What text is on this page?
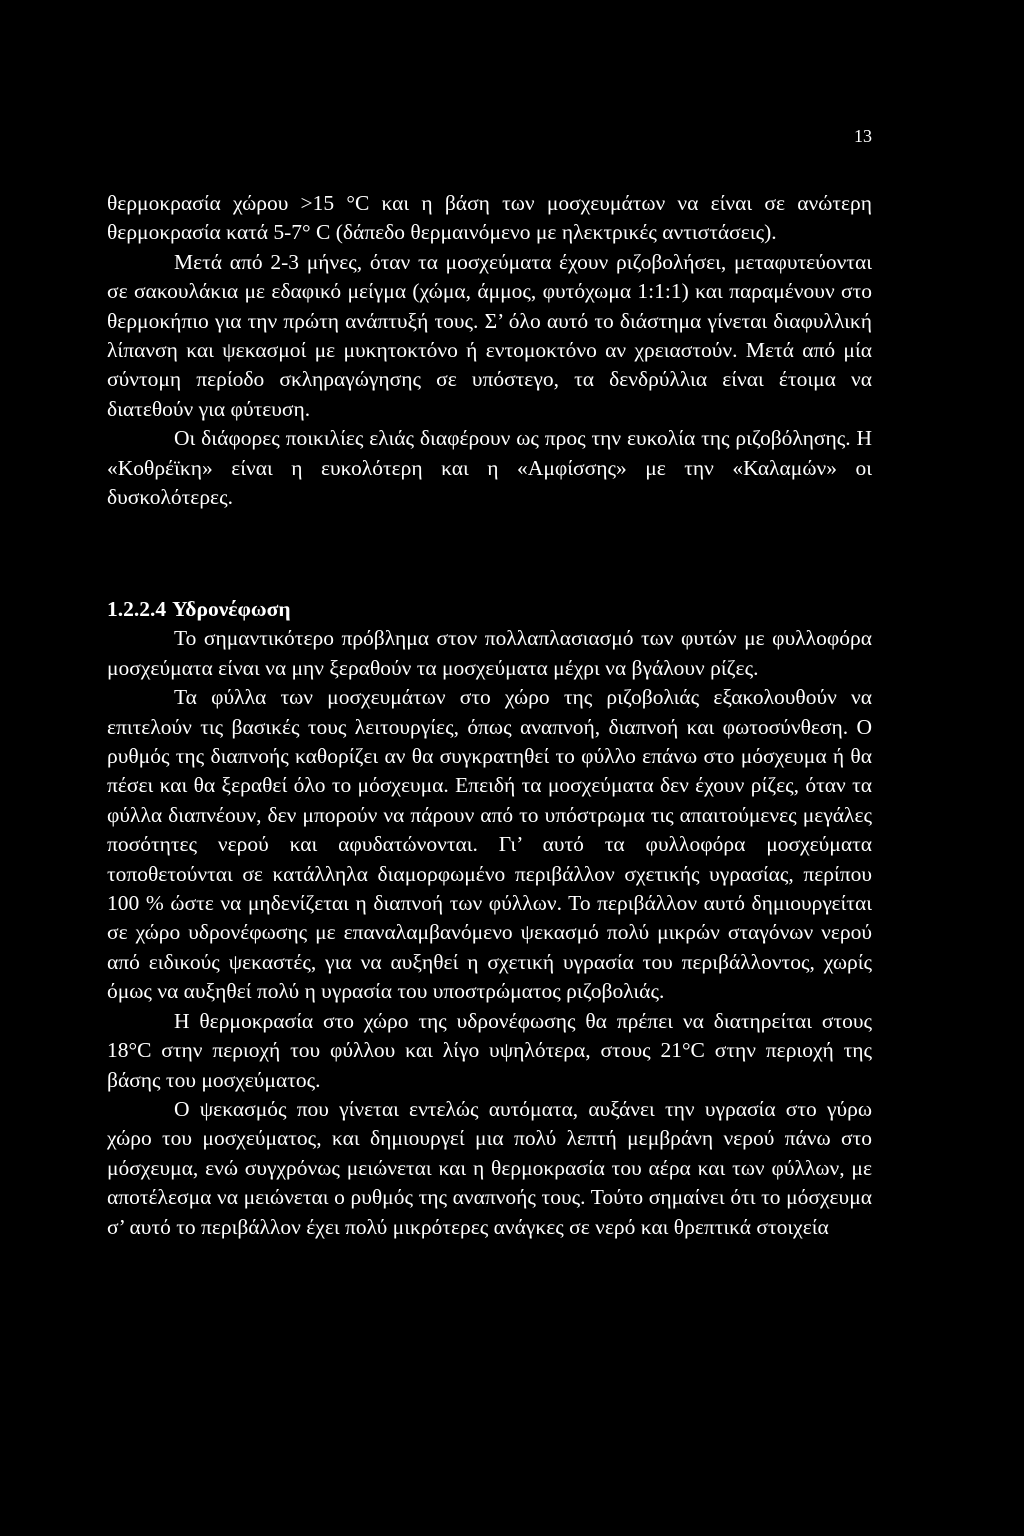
13

θερμοκρασία χώρου >15 °C και η βάση των μοσχευμάτων να είναι σε ανώτερη θερμοκρασία κατά 5-7° C (δάπεδο θερμαινόμενο με ηλεκτρικές αντιστάσεις).

Μετά από 2-3 μήνες, όταν τα μοσχεύματα έχουν ριζοβολήσει, μεταφυτεύονται σε σακουλάκια με εδαφικό μείγμα (χώμα, άμμος, φυτόχωμα 1:1:1) και παραμένουν στο θερμοκήπιο για την πρώτη ανάπτυξή τους. Σ’ όλο αυτό το διάστημα γίνεται διαφυλλική λίπανση και ψεκασμοί με μυκητοκτόνο ή εντομοκτόνο αν χρειαστούν. Μετά από μία σύντομη περίοδο σκληραγώγησης σε υπόστεγο, τα δενδρύλλια είναι έτοιμα να διατεθούν για φύτευση.

Οι διάφορες ποικιλίες ελιάς διαφέρουν ως προς την ευκολία της ριζοβόλησης. Η «Κοθρέϊκη» είναι η ευκολότερη και η «Αμφίσσης» με την «Καλαμών» οι δυσκολότερες.

1.2.2.4 Υδρονέφωση

Το σημαντικότερο πρόβλημα στον πολλαπλασιασμό των φυτών με φυλλοφόρα μοσχεύματα είναι να μην ξεραθούν τα μοσχεύματα μέχρι να βγάλουν ρίζες.

Τα φύλλα των μοσχευμάτων στο χώρο της ριζοβολιάς εξακολουθούν να επιτελούν τις βασικές τους λειτουργίες, όπως αναπνοή, διαπνοή και φωτοσύνθεση. Ο ρυθμός της διαπνοής καθορίζει αν θα συγκρατηθεί το φύλλο επάνω στο μόσχευμα ή θα πέσει και θα ξεραθεί όλο το μόσχευμα. Επειδή τα μοσχεύματα δεν έχουν ρίζες, όταν τα φύλλα διαπνέουν, δεν μπορούν να πάρουν από το υπόστρωμα τις απαιτούμενες μεγάλες ποσότητες νερού και αφυδατώνονται. Γι’ αυτό τα φυλλοφόρα μοσχεύματα τοποθετούνται σε κατάλληλα διαμορφωμένο περιβάλλον σχετικής υγρασίας, περίπου 100 % ώστε να μηδενίζεται η διαπνοή των φύλλων. Το περιβάλλον αυτό δημιουργείται σε χώρο υδρονέφωσης με επαναλαμβανόμενο ψεκασμό πολύ μικρών σταγόνων νερού από ειδικούς ψεκαστές, για να αυξηθεί η σχετική υγρασία του περιβάλλοντος, χωρίς όμως να αυξηθεί πολύ η υγρασία του υποστρώματος ριζοβολιάς.

Η θερμοκρασία στο χώρο της υδρονέφωσης θα πρέπει να διατηρείται στους 18°C στην περιοχή του φύλλου και λίγο υψηλότερα, στους 21°C στην περιοχή της βάσης του μοσχεύματος.

Ο ψεκασμός που γίνεται εντελώς αυτόματα, αυξάνει την υγρασία στο γύρω χώρο του μοσχεύματος, και δημιουργεί μια πολύ λεπτή μεμβράνη νερού πάνω στο μόσχευμα, ενώ συγχρόνως μειώνεται και η θερμοκρασία του αέρα και των φύλλων, με αποτέλεσμα να μειώνεται ο ρυθμός της αναπνοής τους. Τούτο σημαίνει ότι το μόσχευμα σ’ αυτό το περιβάλλον έχει πολύ μικρότερες ανάγκες σε νερό και θρεπτικά στοιχεία
